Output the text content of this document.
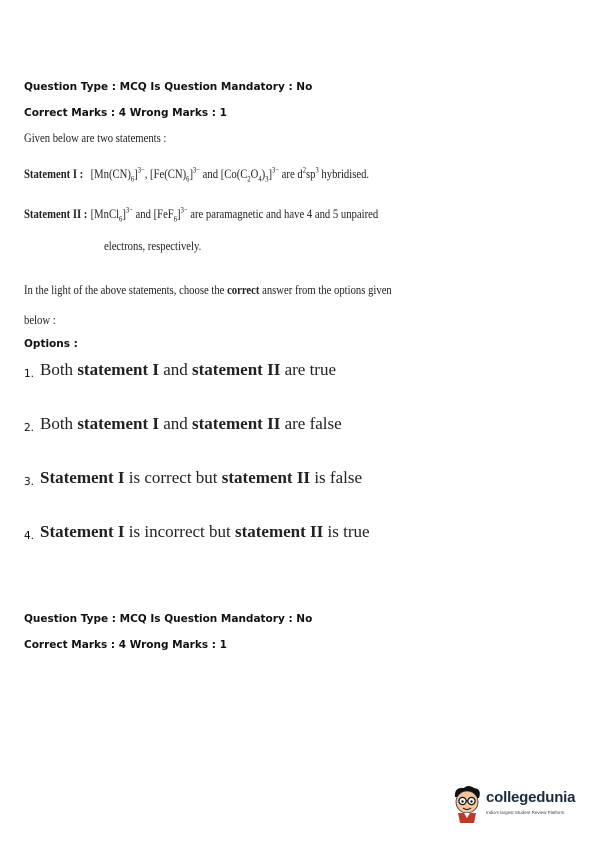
Question Type : MCQ Is Question Mandatory : No
Correct Marks : 4 Wrong Marks : 1
Given below are two statements :
Statement I : $[Mn(CN)_6]^{3-}$, $[Fe(CN)_6]^{3-}$ and $[Co(C_2O_4)_3]^{3-}$ are $d^2sp^3$ hybridised.
Statement II : [MnCl$_6$]$^{3-}$ and $[FeF_6]^{3-}$ are paramagnetic and have 4 and 5 unpaired
electrons, respectively.
In the light of the above statements, choose the correct answer from the options given
below :
Options :
1. Both statement I and statement II are true
2. Both statement I and statement II are false
3. Statement I is correct but statement II is false
4. Statement I is incorrect but statement II is true
Question Type : MCQ Is Question Mandatory : No
Correct Marks : 4 Wrong Marks : 1
collegedunia
India's largest Student Review Platform
